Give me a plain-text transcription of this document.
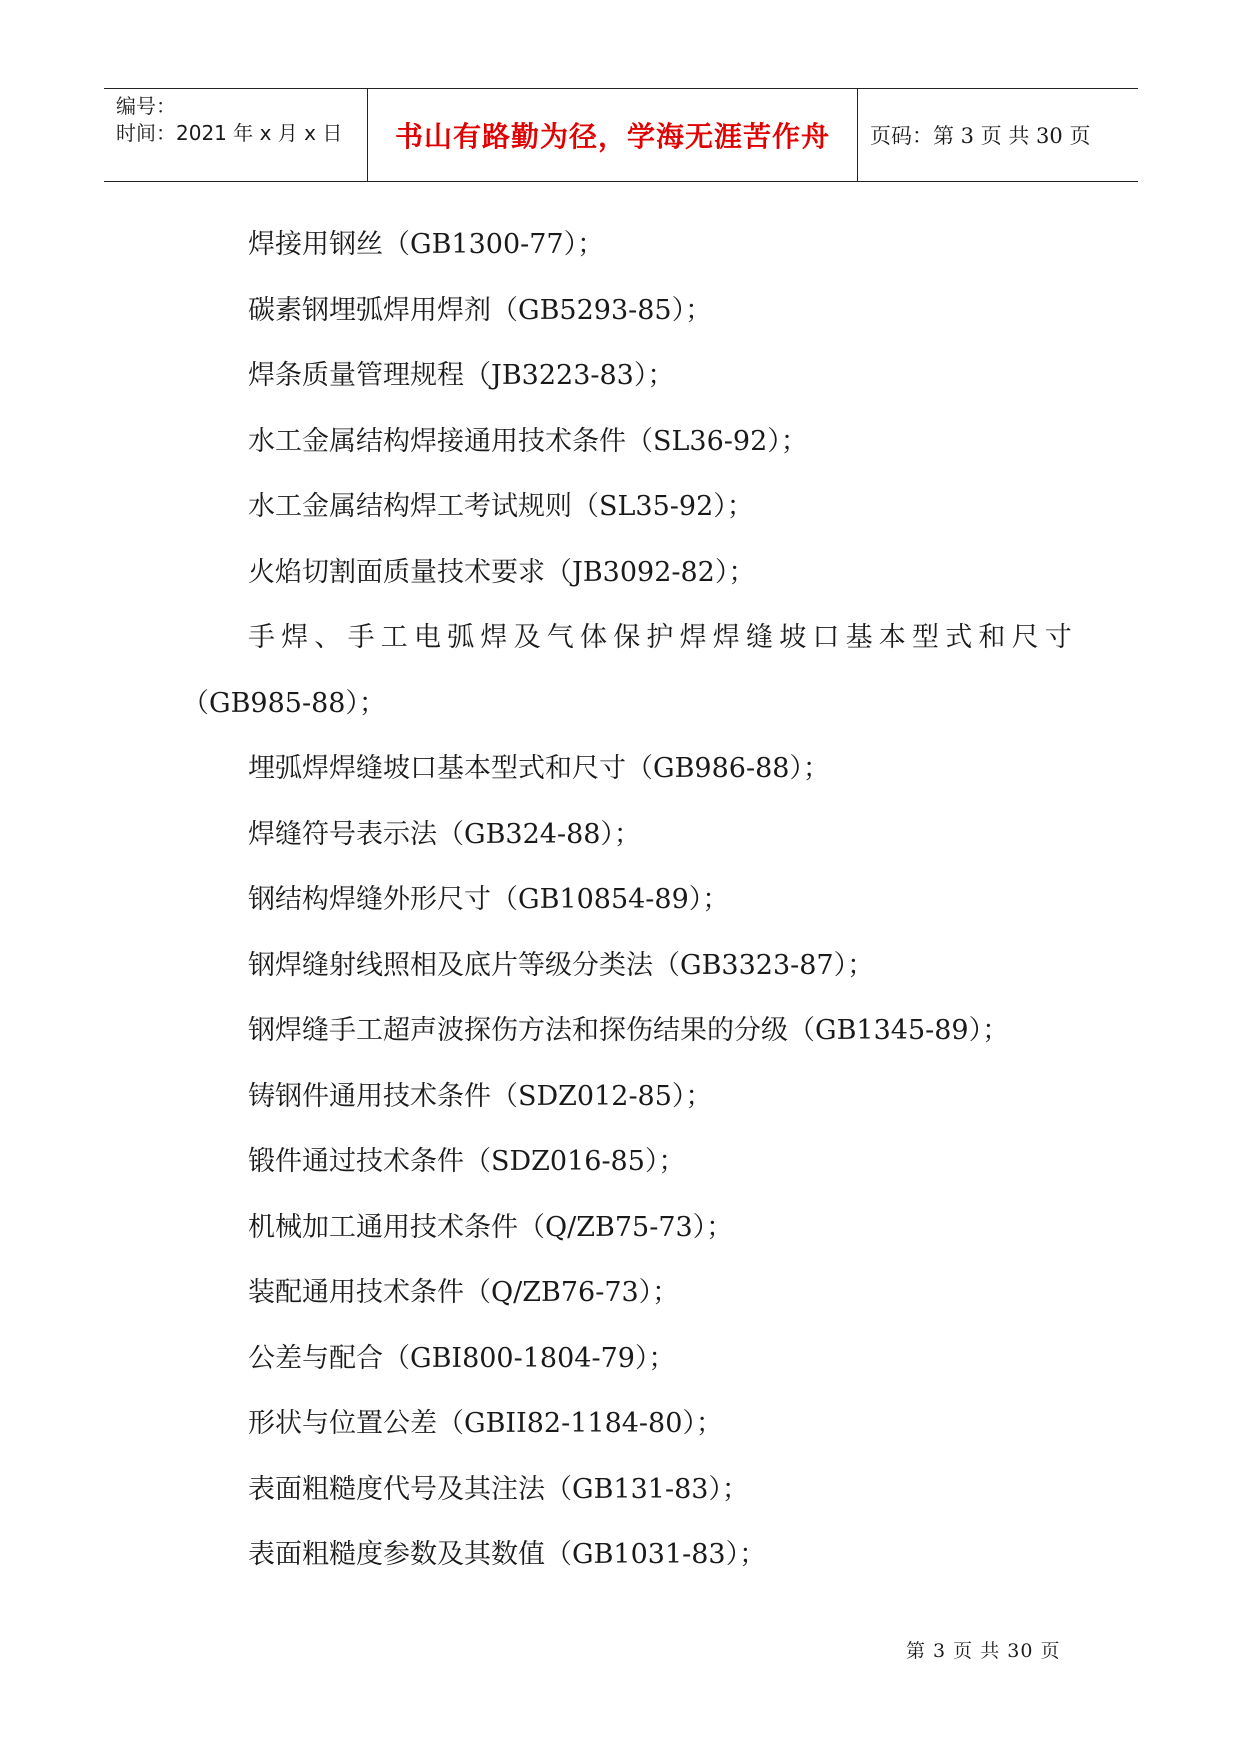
编号：
时间：2021 年 x 月 x 日	书山有路勤为径，学海无涯苦作舟	页码：第 3 页 共 30 页
焊接用钢丝（GB1300-77）；
碳素钢埋弧焊用焊剂（GB5293-85）；
焊条质量管理规程（JB3223-83）；
水工金属结构焊接通用技术条件（SL36-92）；
水工金属结构焊工考试规则（SL35-92）；
火焰切割面质量技术要求（JB3092-82）；
手焊、手工电弧焊及气体保护焊焊缝坡口基本型式和尺寸
（GB985-88）；
埋弧焊焊缝坡口基本型式和尺寸（GB986-88）；
焊缝符号表示法（GB324-88）；
钢结构焊缝外形尺寸（GB10854-89）；
钢焊缝射线照相及底片等级分类法（GB3323-87）；
钢焊缝手工超声波探伤方法和探伤结果的分级（GB1345-89）；
铸钢件通用技术条件（SDZ012-85）；
锻件通过技术条件（SDZ016-85）；
机械加工通用技术条件（Q/ZB75-73）；
装配通用技术条件（Q/ZB76-73）；
公差与配合（GBI800-1804-79）；
形状与位置公差（GBII82-1184-80）；
表面粗糙度代号及其注法（GB131-83）；
表面粗糙度参数及其数值（GB1031-83）；
第 3 页 共 30 页
